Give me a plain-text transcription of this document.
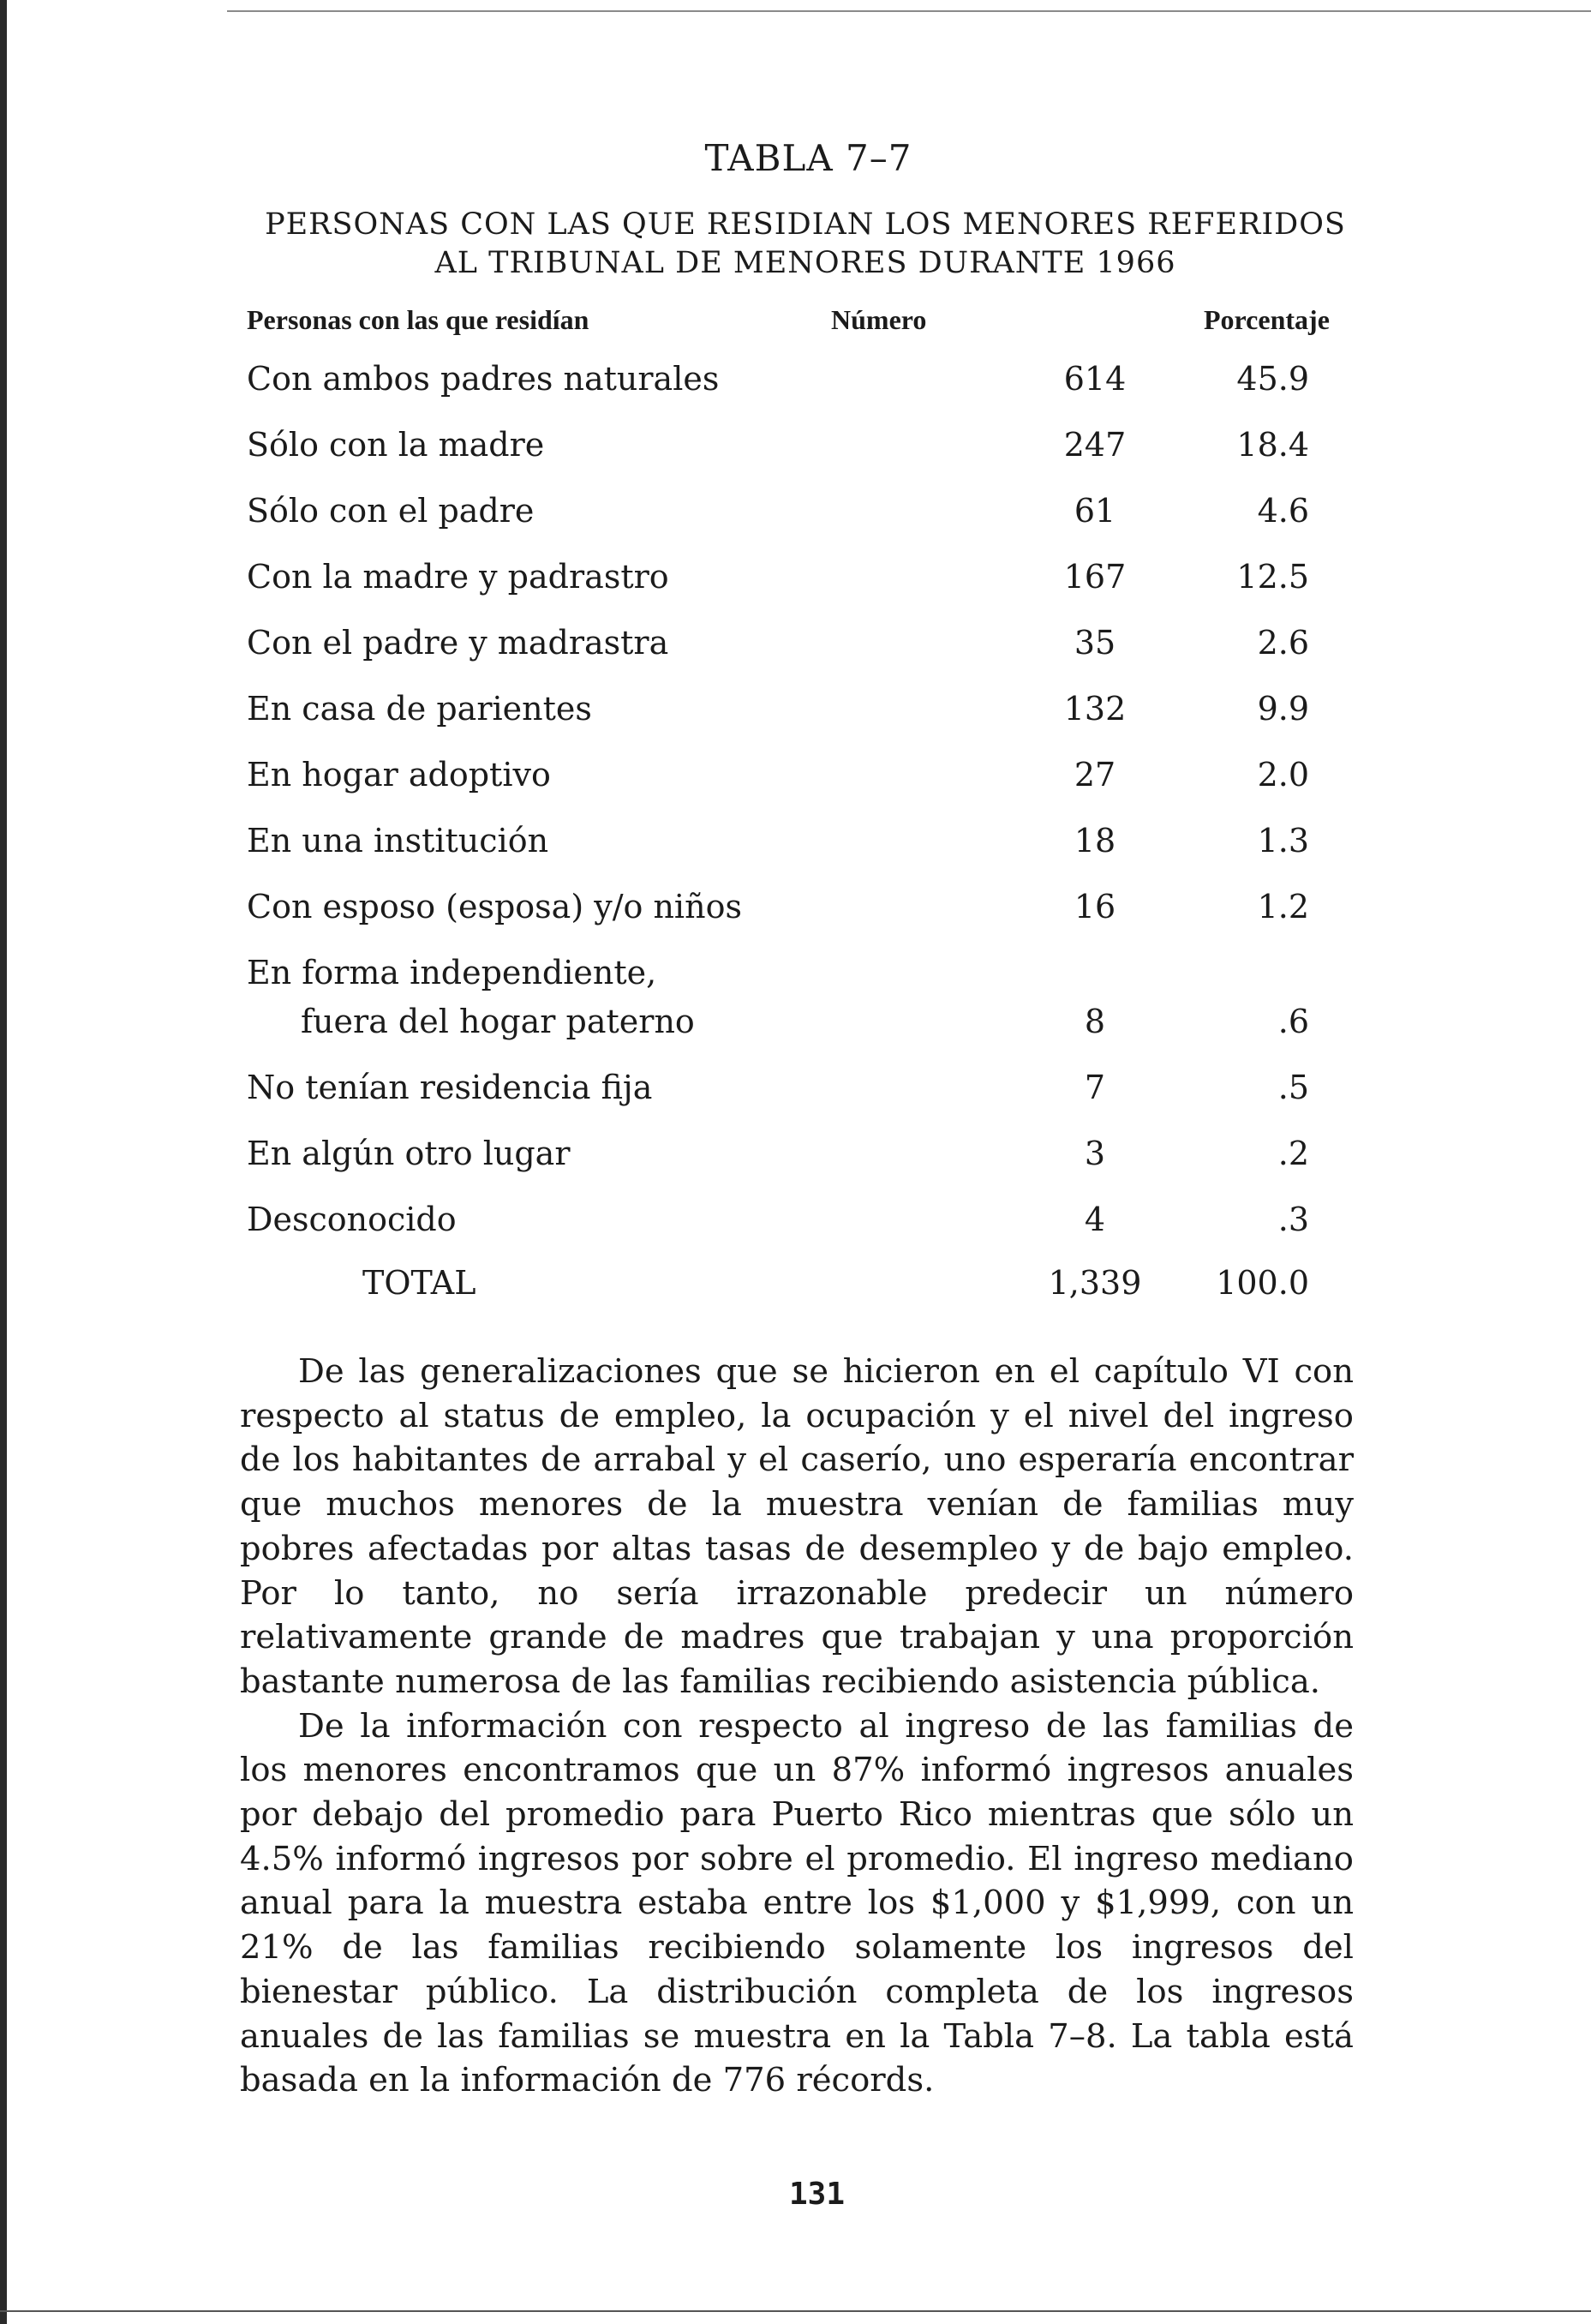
TABLA 7–7
PERSONAS CON LAS QUE RESIDIAN LOS MENORES REFERIDOS
AL TRIBUNAL DE MENORES DURANTE 1966
Personas con las que residían	Número	Porcentaje
Con ambos padres naturales	614	45.9
Sólo con la madre	247	18.4
Sólo con el padre	61	4.6
Con la madre y padrastro	167	12.5
Con el padre y madrastra	35	2.6
En casa de parientes	132	9.9
En hogar adoptivo	27	2.0
En una institución	18	1.3
Con esposo (esposa) y/o niños	16	1.2
En forma independiente,
fuera del hogar paterno	8	.6
No tenían residencia fija	7	.5
En algún otro lugar	3	.2
Desconocido	4	.3
TOTAL	1,339	100.0

De las generalizaciones que se hicieron en el capítulo VI con respecto al status de empleo, la ocupación y el nivel del ingreso de los habitantes de arrabal y el caserío, uno esperaría encontrar que muchos menores de la muestra venían de familias muy pobres afectadas por altas tasas de desempleo y de bajo empleo. Por lo tanto, no sería irrazonable predecir un número relativamente grande de madres que trabajan y una proporción bastante numerosa de las familias recibiendo asistencia pública.

De la información con respecto al ingreso de las familias de los menores encontramos que un 87% informó ingresos anuales por debajo del promedio para Puerto Rico mientras que sólo un 4.5% informó ingresos por sobre el promedio. El ingreso mediano anual para la muestra estaba entre los $1,000 y $1,999, con un 21% de las familias recibiendo solamente los ingresos del bienestar público. La distribución completa de los ingresos anuales de las familias se muestra en la Tabla 7–8. La tabla está basada en la información de 776 récords.

131
